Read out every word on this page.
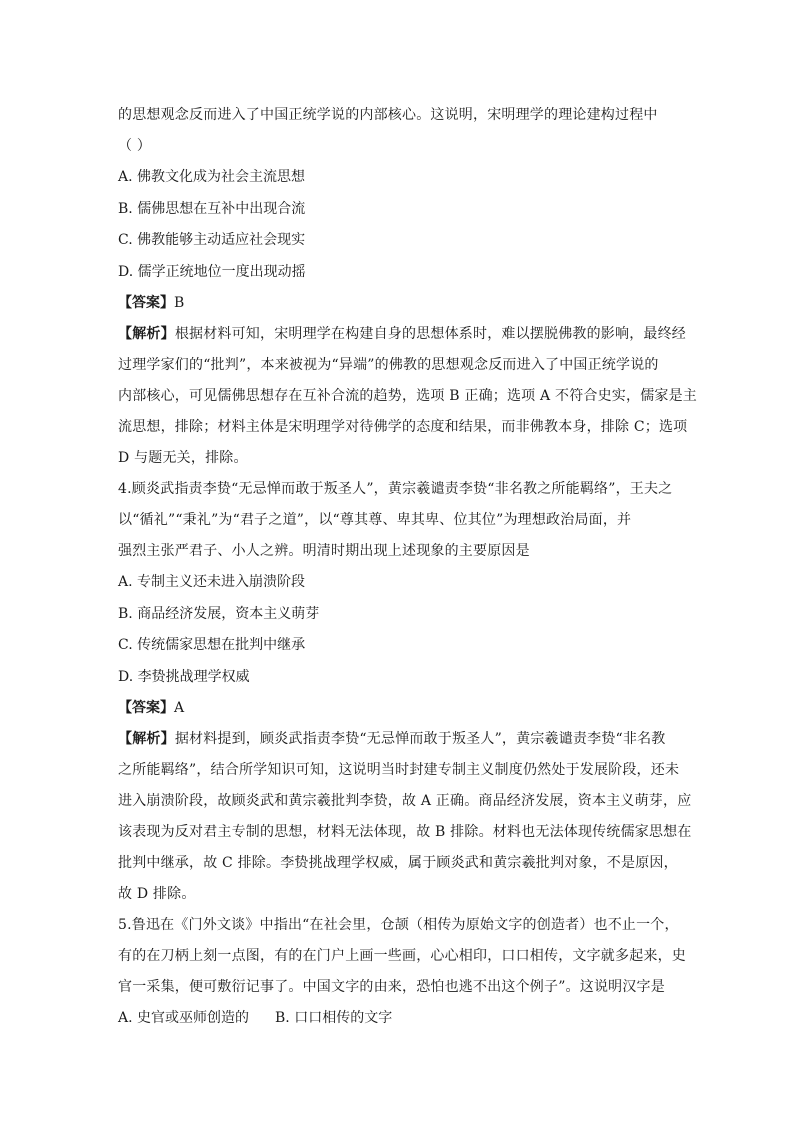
的思想观念反而进入了中国正统学说的内部核心。这说明，宋明理学的理论建构过程中
（ ）
A. 佛教文化成为社会主流思想
B. 儒佛思想在互补中出现合流
C. 佛教能够主动适应社会现实
D. 儒学正统地位一度出现动摇
【答案】B
【解析】根据材料可知，宋明理学在构建自身的思想体系时，难以摆脱佛教的影响，最终经
过理学家们的“批判”，本来被视为“异端”的佛教的思想观念反而进入了中国正统学说的
内部核心，可见儒佛思想存在互补合流的趋势，选项 B 正确；选项 A 不符合史实，儒家是主
流思想，排除；材料主体是宋明理学对待佛学的态度和结果，而非佛教本身，排除 C；选项
D 与题无关，排除。
4.顾炎武指责李贽“无忌惮而敢于叛圣人”，黄宗羲谴责李贽“非名教之所能羁络”，王夫之
以“循礼”“秉礼”为“君子之道”，以“尊其尊、卑其卑、位其位”为理想政治局面，并
强烈主张严君子、小人之辨。明清时期出现上述现象的主要原因是
A. 专制主义还未进入崩溃阶段
B. 商品经济发展，资本主义萌芽
C. 传统儒家思想在批判中继承
D. 李贽挑战理学权威
【答案】A
【解析】据材料提到，顾炎武指责李贽“无忌惮而敢于叛圣人”，黄宗羲谴责李贽“非名教
之所能羁络”，结合所学知识可知，这说明当时封建专制主义制度仍然处于发展阶段，还未
进入崩溃阶段，故顾炎武和黄宗羲批判李贽，故 A 正确。商品经济发展，资本主义萌芽，应
该表现为反对君主专制的思想，材料无法体现，故 B 排除。材料也无法体现传统儒家思想在
批判中继承，故 C 排除。李贽挑战理学权威，属于顾炎武和黄宗羲批判对象，不是原因，
故 D 排除。
5.鲁迅在《门外文谈》中指出“在社会里，仓颉（相传为原始文字的创造者）也不止一个，
有的在刀柄上刻一点图，有的在门户上画一些画，心心相印，口口相传，文字就多起来，史
官一采集，便可敷衍记事了。中国文字的由来，恐怕也逃不出这个例子”。这说明汉字是
A. 史官或巫师创造的 B. 口口相传的文字
